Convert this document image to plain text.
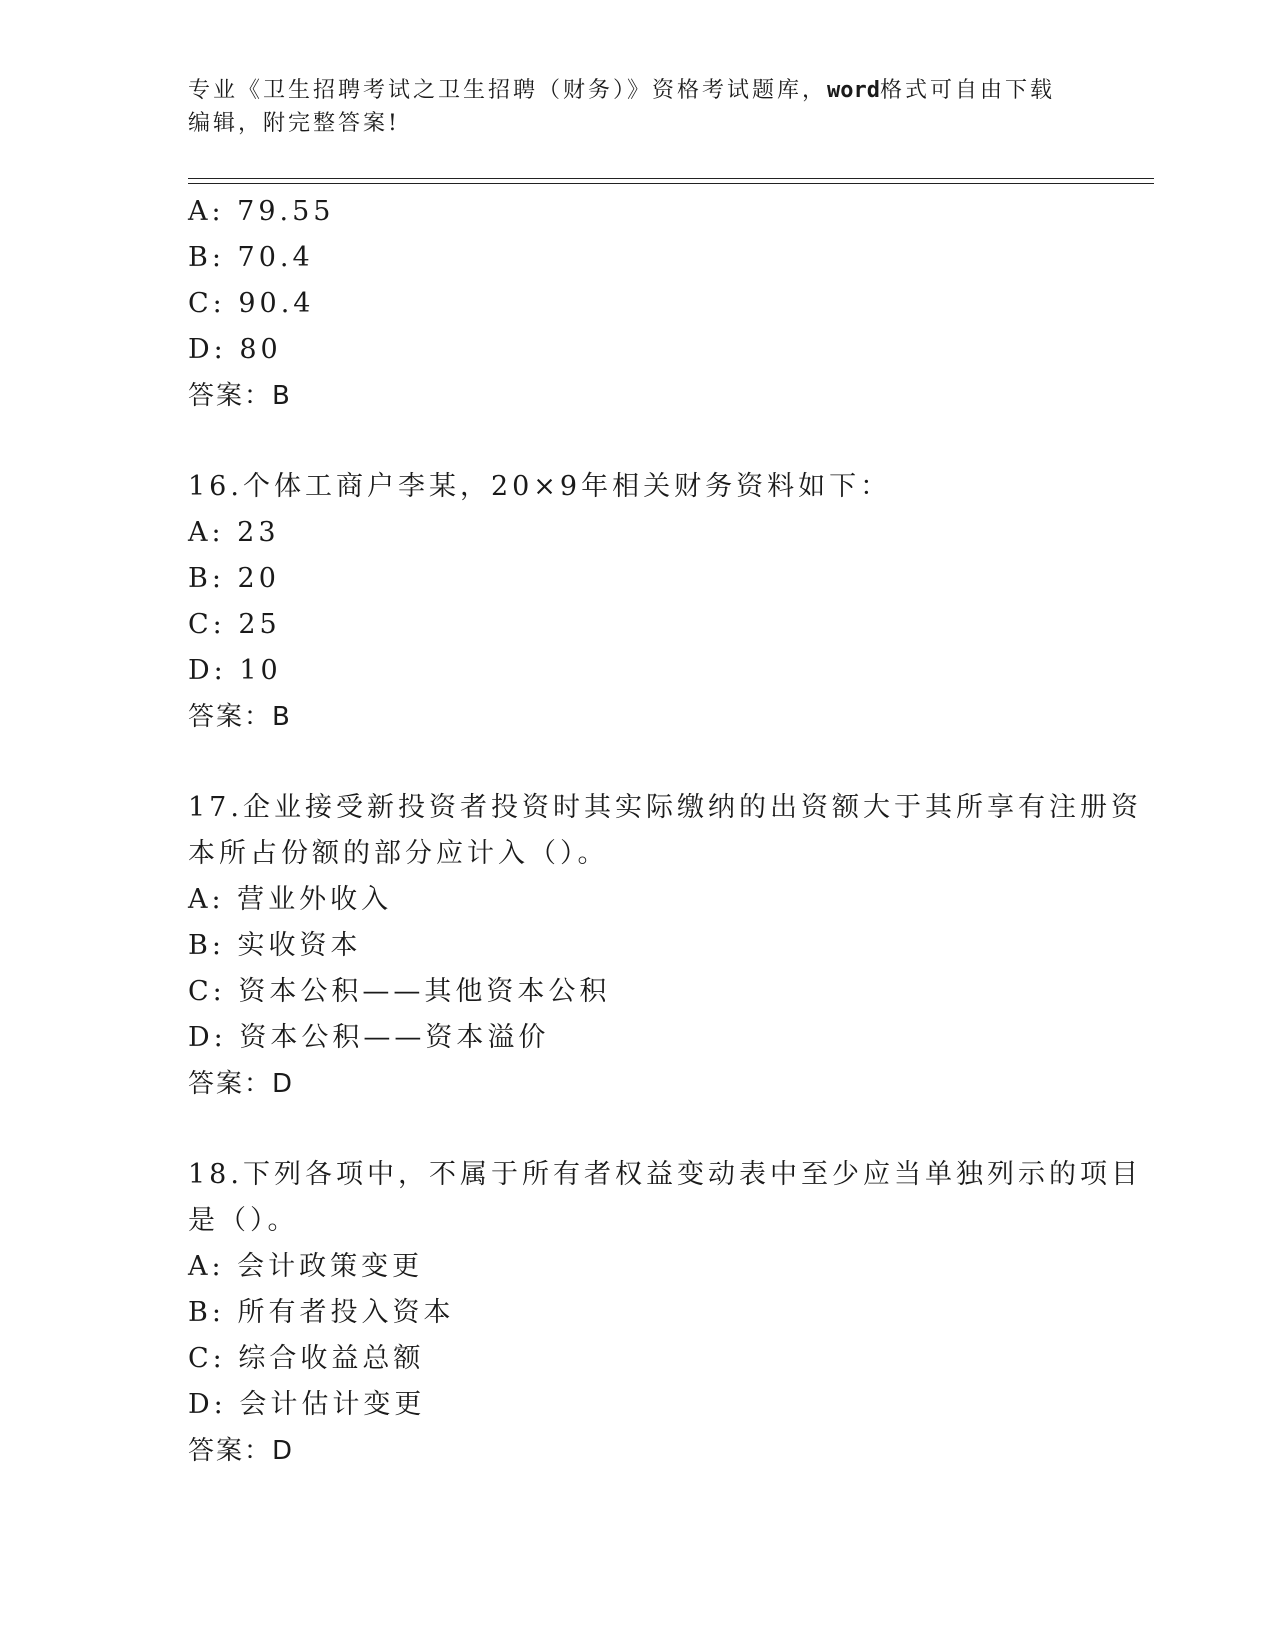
专业《卫生招聘考试之卫生招聘（财务）》资格考试题库，word格式可自由下载
编辑，附完整答案!
A: 79.55
B: 70.4
C: 90.4
D: 80
答案：B
16.个体工商户李某，20×9年相关财务资料如下：
A: 23
B: 20
C: 25
D: 10
答案：B
17.企业接受新投资者投资时其实际缴纳的出资额大于其所享有注册资
本所占份额的部分应计入（）。
A: 营业外收入
B: 实收资本
C: 资本公积——其他资本公积
D: 资本公积——资本溢价
答案：D
18.下列各项中，不属于所有者权益变动表中至少应当单独列示的项目
是（）。
A: 会计政策变更
B: 所有者投入资本
C: 综合收益总额
D: 会计估计变更
答案：D
